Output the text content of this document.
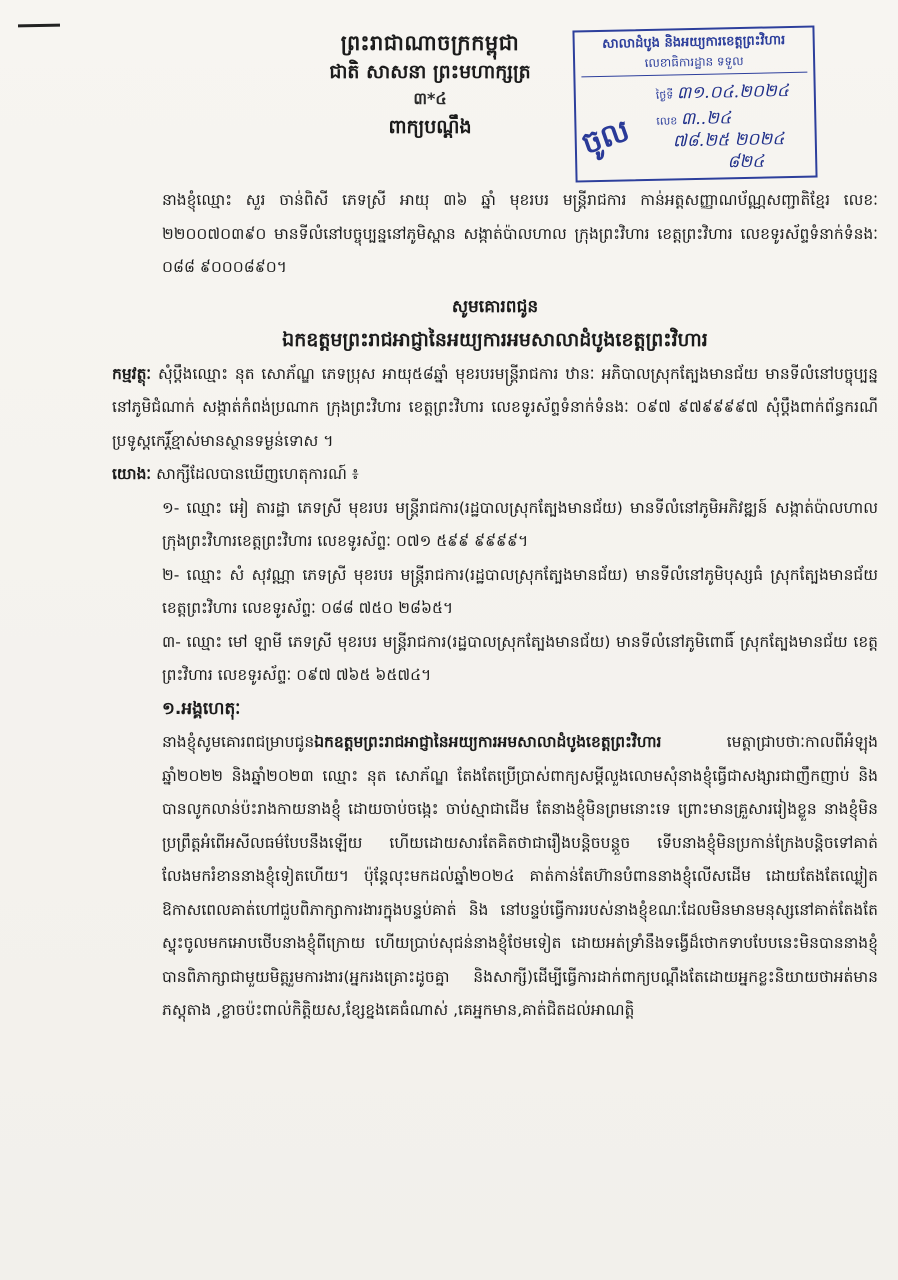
ព្រះរាជាណាចក្រកម្ពុជា
ជាតិ សាសនា ព្រះមហាក្សត្រ
៣*៤
ពាក្យបណ្ដឹង
សាលាដំបូង និងអយ្យការខេត្តព្រះវិហារ
លេខាធិការដ្ឋាន ទទួល
ចូល
ថ្ងៃទី ៣១.០៤.២០២៤
លេខ ៣..២៤
៧៨.២៥ ២០២៤
៨២៤

នាងខ្ញុំឈ្មោះ សួរ ចាន់ពិសី ភេទស្រី អាយុ ៣៦ ឆ្នាំ មុខរបរ មន្ត្រីរាជការ កាន់អត្តសញ្ញាណប័ណ្ណសញ្ជាតិខ្មែរ លេខៈ ២២០០៧០៣៩០ មានទីលំនៅបច្ចុប្បន្ននៅភូមិស្ពាន សង្កាត់ប៉ាលហាល ក្រុងព្រះវិហារ ខេត្តព្រះវិហារ លេខទូរស័ព្ទទំនាក់ទំនងៈ ០៨៨ ៩០០០៨៩០។

សូមគោរពជូន

ឯកឧត្តមព្រះរាជអាជ្ញានៃអយ្យការអមសាលាដំបូងខេត្តព្រះវិហារ

កម្មវត្ថុៈ សុំប្ដឹងឈ្មោះ នុត សោភ័ណ្ឌ ភេទប្រុស អាយុ៥៨ឆ្នាំ មុខរបរមន្ត្រីរាជការ ឋានៈ អភិបាលស្រុកត្បែងមានជ័យ មានទីលំនៅបច្ចុប្បន្ននៅភូមិជំណាក់ សង្កាត់កំពង់ប្រណាក ក្រុងព្រះវិហារ ខេត្តព្រះវិហារ លេខទូរស័ព្ទទំនាក់ទំនងៈ ០៩៧ ៩៧៩៩៩៩៧ សុំប្ដឹងពាក់ព័ន្ធករណី ប្រទូស្តកេរ្តិ៍ខ្មាស់មានស្ថានទម្ងន់ទោស ។

យោងៈ សាក្សីដែលបានឃើញហេតុការណ៍ ៖

១- ឈ្មោះ អៀ តារដ្ឋា ភេទស្រី មុខរបរ មន្ត្រីរាជការ(រដ្ឋបាលស្រុកត្បែងមានជ័យ) មានទីលំនៅភូមិអភិវឌ្ឍន៍ សង្កាត់ប៉ាលហាល ក្រុងព្រះវិហារខេត្តព្រះវិហារ លេខទូរស័ព្ទៈ ០៧១ ៥៩៩ ៩៩៩៩។

២- ឈ្មោះ សំ សុវណ្ណា ភេទស្រី មុខរបរ មន្ត្រីរាជការ(រដ្ឋបាលស្រុកត្បែងមានជ័យ) មានទីលំនៅភូមិបុស្សធំ ស្រុកត្បែងមានជ័យ ខេត្តព្រះវិហារ លេខទូរស័ព្ទៈ ០៨៨ ៧៥០ ២៨៦៥។

៣- ឈ្មោះ មៅ ឡាមី ភេទស្រី មុខរបរ មន្ត្រីរាជការ(រដ្ឋបាលស្រុកត្បែងមានជ័យ) មានទីលំនៅភូមិពោធិ៍ ស្រុកត្បែងមានជ័យ ខេត្តព្រះវិហារ លេខទូរស័ព្ទៈ ០៩៧ ៧៦៥ ៦៥៧៤។

១.អង្គហេតុៈ

នាងខ្ញុំសូមគោរពជម្រាបជូនឯកឧត្តមព្រះរាជអាជ្ញានៃអយ្យការអមសាលាដំបូងខេត្តព្រះវិហារ	មេត្តាជ្រាបថាៈកាលពីអំឡុងឆ្នាំ២០២២ និងឆ្នាំ២០២៣ ឈ្មោះ នុត សោភ័ណ្ឌ តែងតែប្រើប្រាស់ពាក្យសម្ដីលួងលោមសុំនាងខ្ញុំធ្វើជាសង្សារជាញឹកញាប់ និងបានលូកលាន់ប៉ះរាងកាយនាងខ្ញុំ ដោយចាប់ចង្កេះ ចាប់ស្មាជាដើម តែនាងខ្ញុំមិនព្រមនោះទេ ព្រោះមានគ្រួសាររៀងខ្លួន នាងខ្ញុំមិនប្រព្រឹត្តអំពើអសីលធម៌បែបនឹងឡើយ ហើយដោយសារតែគិតថាជារឿងបន្តិចបន្តួច ទើបនាងខ្ញុំមិនប្រកាន់ក្រែងបន្តិចទៅគាត់លែងមករំខាននាងខ្ញុំទៀតហើយ។ ប៉ុន្តែលុះមកដល់ឆ្នាំ២០២៤ គាត់កាន់តែហ៊ានបំពាននាងខ្ញុំលើសដើម ដោយតែងតែឈ្លៀតឱកាសពេលគាត់ហៅជួបពិភាក្សាការងារក្នុងបន្ទប់គាត់ និង នៅបន្ទប់ធ្វើការរបស់នាងខ្ញុំខណៈដែលមិនមានមនុស្សនៅគាត់តែងតែស្ទុះចូលមកអោបថើបនាងខ្ញុំពីក្រោយ ហើយប្រាប់សុជន់នាងខ្ញុំថែមទៀត ដោយអត់ទ្រាំនឹងទង្វើដ៏ថោកទាបបែបនេះមិនបាននាងខ្ញុំបានពិភាក្សាជាមួយមិត្តរួមការងារ(អ្នករងគ្រោះដូចគ្នា និងសាក្សី)ដើម្បីធ្វើការដាក់ពាក្យបណ្ដឹងតែដោយអ្នកខ្លះនិយាយថាអត់មានភស្តុតាង ,ខ្លាចប៉ះពាល់កិត្តិយស,ខ្សែខ្នងគេធំណាស់ ,គេអ្នកមាន,គាត់ជិតដល់អាណត្តិ
